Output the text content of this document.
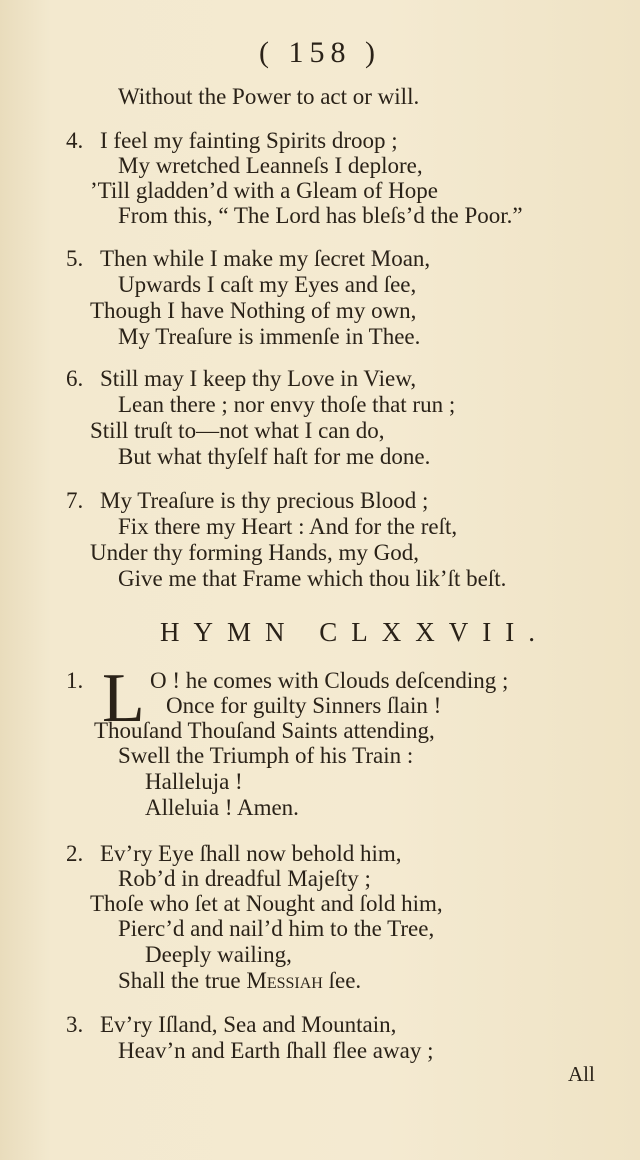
( 158 )
Without the Power to act or will.
4. I feel my fainting Spirits droop ;
My wretched Leanneſs I deplore,
’Till gladden’d with a Gleam of Hope
From this, “ The Lord has bleſs’d the Poor.”
5. Then while I make my ſecret Moan,
Upwards I caſt my Eyes and ſee,
Though I have Nothing of my own,
My Treaſure is immenſe in Thee.
6. Still may I keep thy Love in View,
Lean there ; nor envy thoſe that run ;
Still truſt to—not what I can do,
But what thyſelf haſt for me done.
7. My Treaſure is thy precious Blood ;
Fix there my Heart : And for the reſt,
Under thy forming Hands, my God,
Give me that Frame which thou lik’ſt beſt.
HYMN CLXXVII.
1. L O ! he comes with Clouds deſcending ;
Once for guilty Sinners ſlain !
Thouſand Thouſand Saints attending,
Swell the Triumph of his Train :
Halleluja !
Alleluia ! Amen.
2. Ev’ry Eye ſhall now behold him,
Rob’d in dreadful Majeſty ;
Thoſe who ſet at Nought and ſold him,
Pierc’d and nail’d him to the Tree,
Deeply wailing,
Shall the true Messiah ſee.
3. Ev’ry Iſland, Sea and Mountain,
Heav’n and Earth ſhall flee away ;
All
